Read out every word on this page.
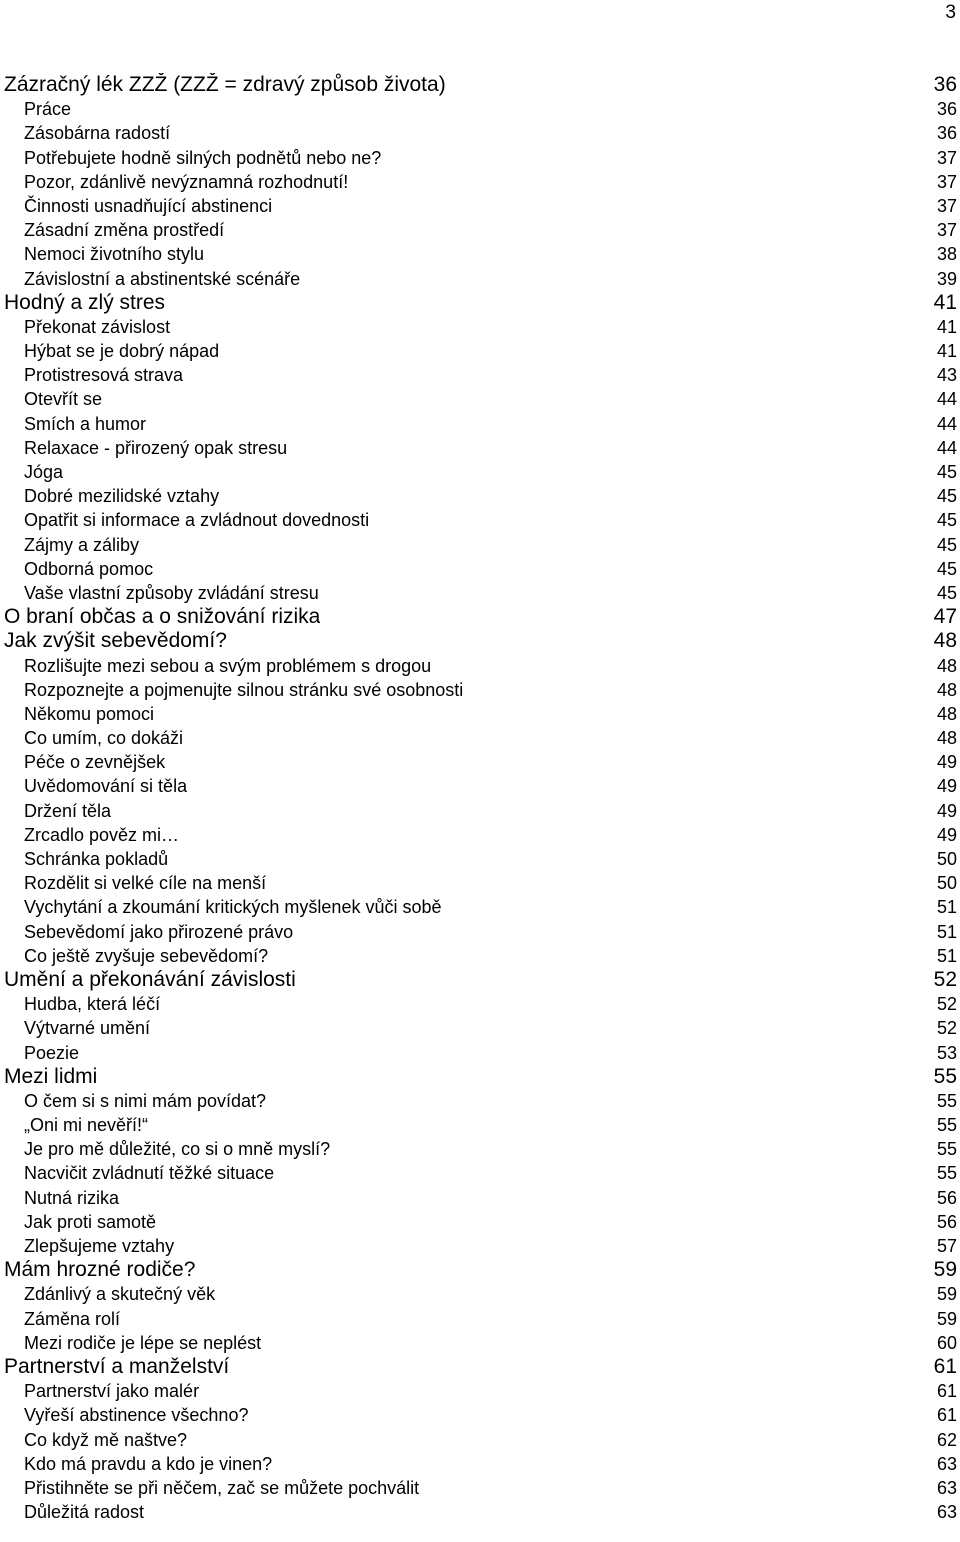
3
Zázračný lék ZZŽ (ZZŽ = zdravý způsob života)	36
Práce	36
Zásobárna radostí	36
Potřebujete hodně silných podnětů nebo ne?	37
Pozor, zdánlivě nevýznamná rozhodnutí!	37
Činnosti usnadňující abstinenci	37
Zásadní změna prostředí	37
Nemoci životního stylu	38
Závislostní a abstinentské scénáře	39
Hodný a zlý stres	41
Překonat závislost	41
Hýbat se je dobrý nápad	41
Protistresová strava	43
Otevřít se	44
Smích a humor	44
Relaxace - přirozený opak stresu	44
Jóga	45
Dobré mezilidské vztahy	45
Opatřit si informace a zvládnout dovednosti	45
Zájmy a záliby	45
Odborná pomoc	45
Vaše vlastní způsoby zvládání stresu	45
O braní občas a o snižování rizika	47
Jak zvýšit sebevědomí?	48
Rozlišujte mezi sebou a svým problémem s drogou	48
Rozpoznejte a pojmenujte silnou stránku své osobnosti	48
Někomu pomoci	48
Co umím, co dokáži	48
Péče o zevnějšek	49
Uvědomování si těla	49
Držení těla	49
Zrcadlo pověz mi…	49
Schránka pokladů	50
Rozdělit si velké cíle na menší	50
Vychytání a zkoumání kritických myšlenek vůči sobě	51
Sebevědomí jako přirozené právo	51
Co ještě zvyšuje sebevědomí?	51
Umění a překonávání závislosti	52
Hudba, která léčí	52
Výtvarné umění	52
Poezie	53
Mezi lidmi	55
O čem si s nimi mám povídat?	55
„Oni mi nevěří!“	55
Je pro mě důležité, co si o mně myslí?	55
Nacvičit zvládnutí těžké situace	55
Nutná rizika	56
Jak proti samotě	56
Zlepšujeme vztahy	57
Mám hrozné rodiče?	59
Zdánlivý a skutečný věk	59
Záměna rolí	59
Mezi rodiče je lépe se neplést	60
Partnerství a manželství	61
Partnerství jako malér	61
Vyřeší abstinence všechno?	61
Co když mě naštve?	62
Kdo má pravdu a kdo je vinen?	63
Přistihněte se při něčem, zač se můžete pochválit	63
Důležitá radost	63
